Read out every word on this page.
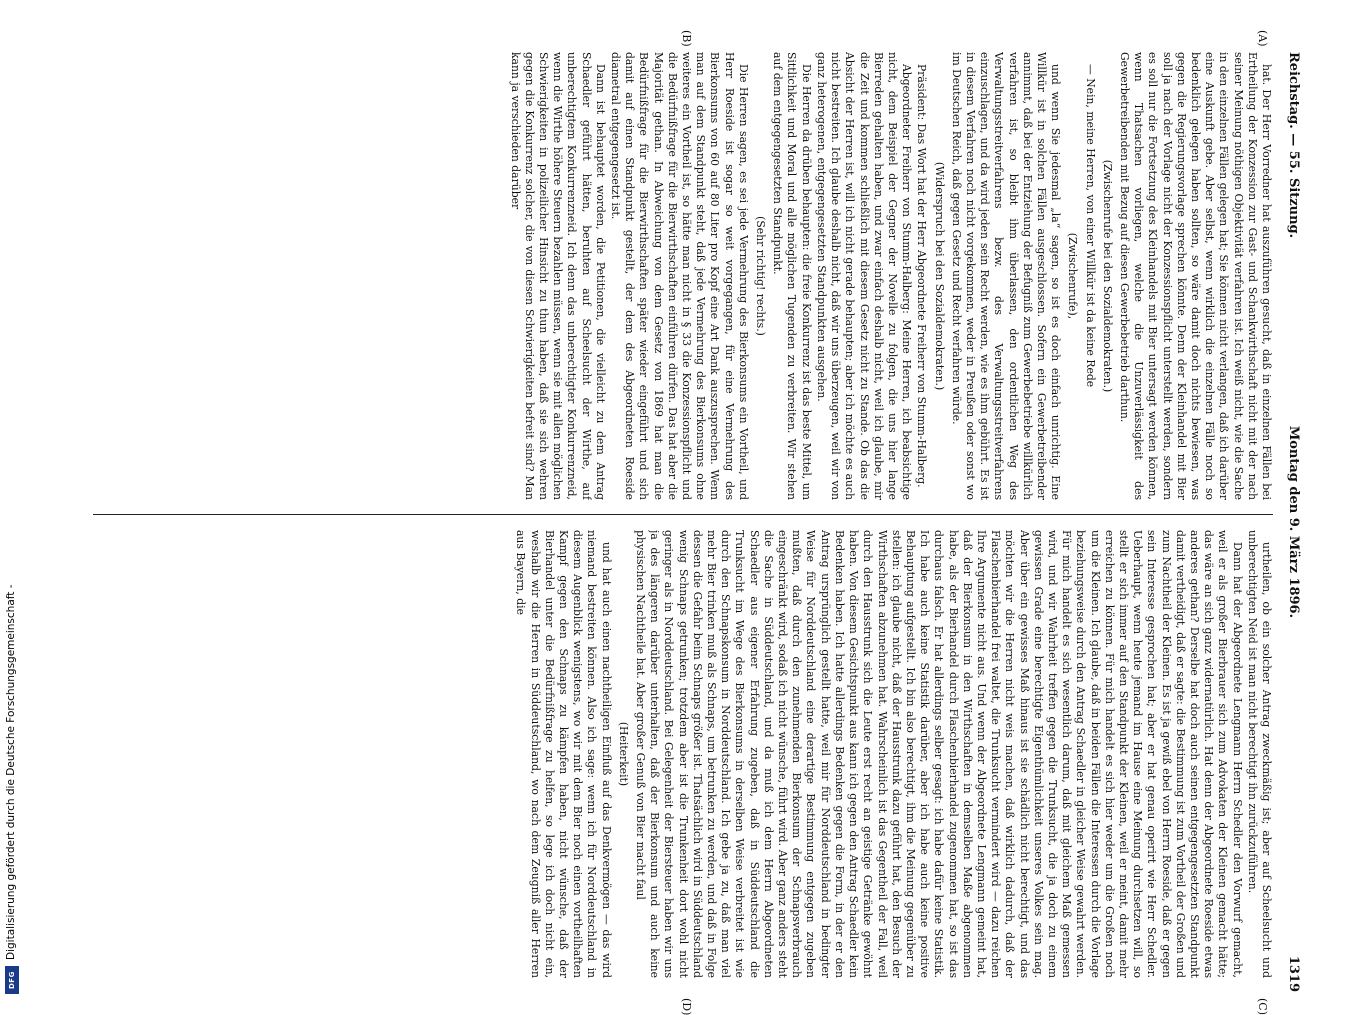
Digitalisierung gefördert durch die Deutsche Forschungsgemeinschaft -
DFG
Reichstag. — 55. Sitzung.
Montag den 9. März 1896.
1319
(A)
(B)
(C)
(D)

hat. Der Herr Vorredner hat auszuführen gesucht, daß in einzelnen Fällen bei Ertheilung der Konzession zur Gast- und Schankwirthschaft nicht mit der nach seiner Meinung nöthigen Objektivität verfahren ist. Ich weiß nicht, wie die Sache in den einzelnen Fällen gelegen hat; Sie können nicht verlangen, daß ich darüber eine Auskunft gebe. Aber selbst, wenn wirklich die einzelnen Fälle noch so bedenklich gelegen haben sollten, so wäre damit doch nichts bewiesen, was gegen die Regierungsvorlage sprechen könnte. Denn der Kleinhandel mit Bier soll ja nach der Vorlage nicht der Konzessionspflicht unterstellt werden, sondern es soll nur die Fortsetzung des Kleinhandels mit Bier untersagt werden können, wenn Thatsachen vorliegen, welche die Unzuverlässigkeit des Gewerbetreibenden mit Bezug auf diesen Gewerbebetrieb darthun.

(Zwischenrufe bei den Sozialdemokraten.)

— Nein, meine Herren, von einer Willkür ist da keine Rede

(Zwischenrufe),

und wenn Sie jedesmal „la“ sagen, so ist es doch einfach unrichtig. Eine Willkür ist in solchen Fällen ausgeschlossen. Sofern ein Gewerbetreibender annimmt, daß bei der Entziehung der Befugniß zum Gewerbebetriebe willkürlich verfahren ist, so bleibt ihm überlassen, den ordentlichen Weg des Verwaltungsstreitverfahrens bezw. des Verwaltungsstreitverfahrens einzuschlagen, und da wird jeden sein Recht werden, wie es ihm gebührt. Es ist in diesem Verfahren noch nicht vorgekommen, weder in Preußen oder sonst wo im Deutschen Reich, daß gegen Gesetz und Recht verfahren würde.

(Widerspruch bei den Sozialdemokraten.)

Präsident: Das Wort hat der Herr Abgeordnete Freiherr von Stumm-Halberg.

Abgeordneter Freiherr von Stumm-Halberg: Meine Herren, ich beabsichtige nicht, dem Beispiel der Gegner der Novelle zu folgen, die uns hier lange Bierreden gehalten haben, und zwar einfach deshalb nicht, weil ich glaube, mir die Zeit und kommen schließlich mit diesem Gesetz nicht zu Stande. Ob das die Absicht der Herren ist, will ich nicht gerade behaupten; aber ich möchte es auch nicht bestreiten. Ich glaube deshalb nicht, daß wir uns überzeugen, weil wir von ganz heterogenen, entgegengesetzten Standpunkten ausgehen.

Die Herren da drüben behaupten: die freie Konkurrenz ist das beste Mittel, um Sittlichkeit und Moral und alle möglichen Tugenden zu verbreiten. Wir stehen auf dem entgegengesetzten Standpunkt.

(Sehr richtig! rechts.)

Die Herren sagen, es sei jede Vermehrung des Bierkonsums ein Vortheil, und Herr Roeside ist sogar so weit vorgegangen, für eine Vermehrung des Bierkonsums von 60 auf 80 Liter pro Kopf eine Art Dank auszusprechen. Wenn man auf dem Standpunkt steht, daß jede Vermehrung des Bierkonsums ohne weiteres ein Vortheil ist, so hätte man nicht in § 33 die Konzessionspflicht und die Bedürfnißfrage für die Bierwirthschaften einführen dürfen. Das hat aber die Majorität gethan. In Abweichung von dem Gesetz von 1869 hat man die Bedürfnißfrage für die Bierwirthschaften später wieder eingeführt und sich damit auf einen Standpunkt gestellt, der dem des Abgeordneten Roeside diametral entgegengesetzt ist.

Dann ist behauptet worden, die Petitionen, die vielleicht zu dem Antrag Schaedler geführt hätten, beruhten auf Scheelsucht der Wirthe, auf unberechtigtem Konkurrenzneid. Ich denn das unberechtigter Konkurrenzneid, wenn die Wirthe höhere Steuern bezahlen müssen, wenn sie mit allen möglichen Schwierigkeiten in polizeilicher Hinsicht zu thun haben, daß sie sich wehren gegen die Konkurrenz solcher, die von diesen Schwierigkeiten befreit sind? Man kann ja verschieden darüber

urtheilen, ob ein solcher Antrag zweckmäßig ist; aber auf Scheelsucht und unberechtigten Neid ist man nicht berechtigt ihn zurückzuführen.

Dann hat der Abgeordnete Lengmann Herrn Schedler den Vorwurf gemacht, weil er als großer Bierbrauer sich zum Advokaten der Kleinen gemacht hätte; das wäre an sich ganz widernatürlich. Hat denn der Abgeordnete Roeside etwas anderes gethan? Derselbe hat doch auch seinen entgegengesetzten Standpunkt damit vertheidigt, daß er sagte: die Bestimmung ist zum Vortheil der Großen und zum Nachtheil der Kleinen. Es ist ja gewiß ebel von Herrn Roeside, daß er gegen sein Interesse gesprochen hat; aber er hat genau operirt wie Herr Schedler. Ueberhaupt, wenn heute jemand im Hause eine Meinung durchsetzen will, so stellt er sich immer auf den Standpunkt der Kleinen, weil er meint, damit mehr erreichen zu können. Für mich handelt es sich hier weder um die Großen noch um die Kleinen. Ich glaube, daß in beiden Fällen die Interessen durch die Vorlage beziehungsweise durch den Antrag Schaedler in gleicher Weise gewahrt werden. Für mich handelt es sich wesentlich darum, daß mit gleichem Maß gemessen wird, und wir Wahrheit treffen gegen die Trunksucht, die ja doch zu einem gewissen Grade eine berechtigte Eigenthümlichkeit unseres Volkes sein mag. Aber über ein gewisses Maß hinaus ist sie schädlich nicht berechtigt, und das möchten wir die Herren nicht weis machen, daß wirklich dadurch, daß der Flaschenbierhandel frei waltet, die Trunksucht vermindert wird — dazu reichen Ihre Argumente nicht aus. Und wenn der Abgeordnete Lengmann gemeint hat, daß der Bierkonsum in den Wirthschaften in demselben Maße abgenommen habe, als der Bierhandel durch Flaschenbierhandel zugenommen hat, so ist das durchaus falsch. Er hat allerdings selber gesagt: ich habe dafür keine Statistik. Ich habe auch keine Statistik darüber, aber ich habe auch keine positive Behauptung aufgestellt. Ich bin also berechtigt, ihm die Meinung gegenüber zu stellen: ich glaube nicht, daß der Hausstrunk dazu geführt hat, den Besuch der Wirthschaften abzunehmen hat. Wahrscheinlich ist das Gegentheil der Fall, weil durch den Hausstrunk sich die Leute erst recht an geistige Getränke gewöhnt haben. Von diesem Gesichtspunkt aus kann ich gegen den Antrag Schaedler kein Bedenken haben. Ich hatte allerdings Bedenken gegen die Form, in der er den Antrag ursprünglich gestellt hatte, weil mir für Norddeutschland in bedingter Weise für Norddeutschland eine derartige Bestimmung entgegen zugeben mußten, daß durch den zunehmenden Bierkonsum der Schnapsverbrauch eingeschränkt wird, sodaß ich nicht wünsche, führt wird. Aber ganz anders steht die Sache in Süddeutschland, und da muß ich dem Herrn Abgeordneten Schaedler aus eigener Erfahrung zugeben, daß in Süddeutschland die Trunksucht im Wege des Bierkonsums in derselben Weise verbreitet ist wie durch den Schnapskonsum in Norddeutschland. Ich gebe ja zu, daß man viel mehr Bier trinken muß als Schnaps, um betrunken zu werden, und daß in Folge dessen die Gefahr beim Schnaps größer ist. Thatsächlich wird in Süddeutschland wenig Schnaps getrunken; trotzdem aber ist die Trunkenheit dort wohl nicht geringer als in Norddeutschland. Bei Gelegenheit der Biersteuer haben wir uns ja des längeren darüber unterhalten, daß der Bierkonsum und auch keine physischen Nachtheile hat. Aber großer Genuß von Bier macht faul

(Heiterkeit)

und hat auch einen nachtheiligen Einfluß auf das Denkvermögen — das wird niemand bestreiten können. Also ich sage: wenn ich für Norddeutschland in diesem Augenblick wenigstens, wo wir mit dem Bier noch einen vortheilhaften Kampf gegen den Schnaps zu kämpfen haben, nicht wünsche, daß der Bierhandel unter die Bedürfnißfrage zu helfen, so lege ich doch nicht ein, weshalb wir die Herren in Süddeutschland, wo nach dem Zeugniß aller Herren aus Bayern, die
